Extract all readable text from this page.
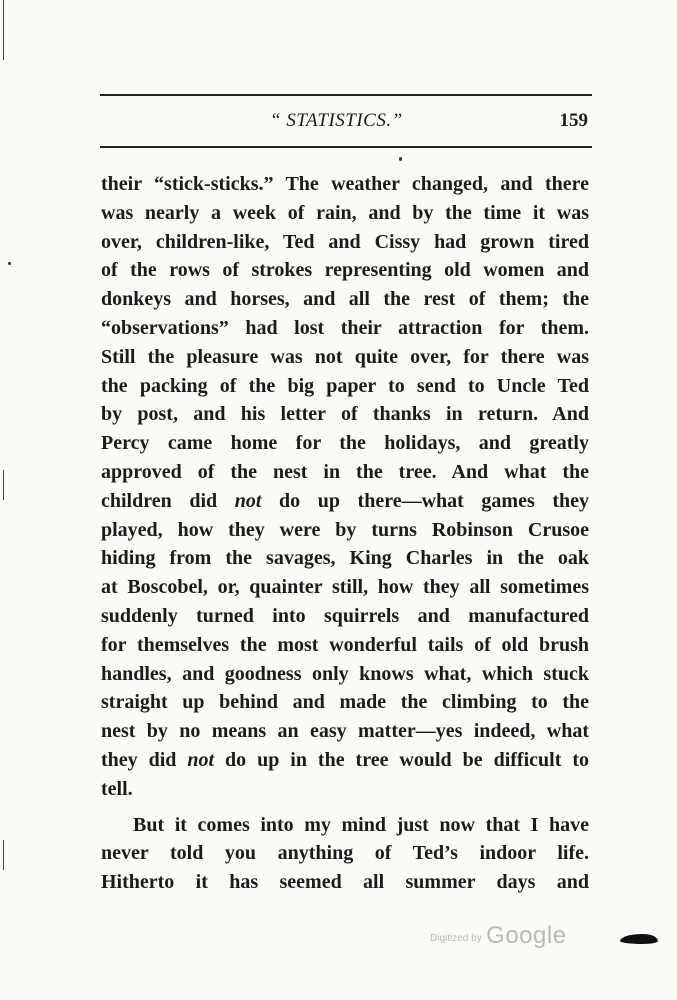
“ STATISTICS.”	159
their “stick-sticks.” The weather changed, and there
was nearly a week of rain, and by the time it was
over, children-like, Ted and Cissy had grown tired
of the rows of strokes representing old women and
donkeys and horses, and all the rest of them; the
“observations” had lost their attraction for them.
Still the pleasure was not quite over, for there was
the packing of the big paper to send to Uncle Ted
by post, and his letter of thanks in return. And
Percy came home for the holidays, and greatly
approved of the nest in the tree. And what the
children did not do up there—what games they
played, how they were by turns Robinson Crusoe
hiding from the savages, King Charles in the oak
at Boscobel, or, quainter still, how they all sometimes
suddenly turned into squirrels and manufactured
for themselves the most wonderful tails of old brush
handles, and goodness only knows what, which stuck
straight up behind and made the climbing to the
nest by no means an easy matter—yes indeed, what
they did not do up in the tree would be difficult to
tell.
But it comes into my mind just now that I have
never told you anything of Ted’s indoor life.
Hitherto it has seemed all summer days and
Digitized by Google
